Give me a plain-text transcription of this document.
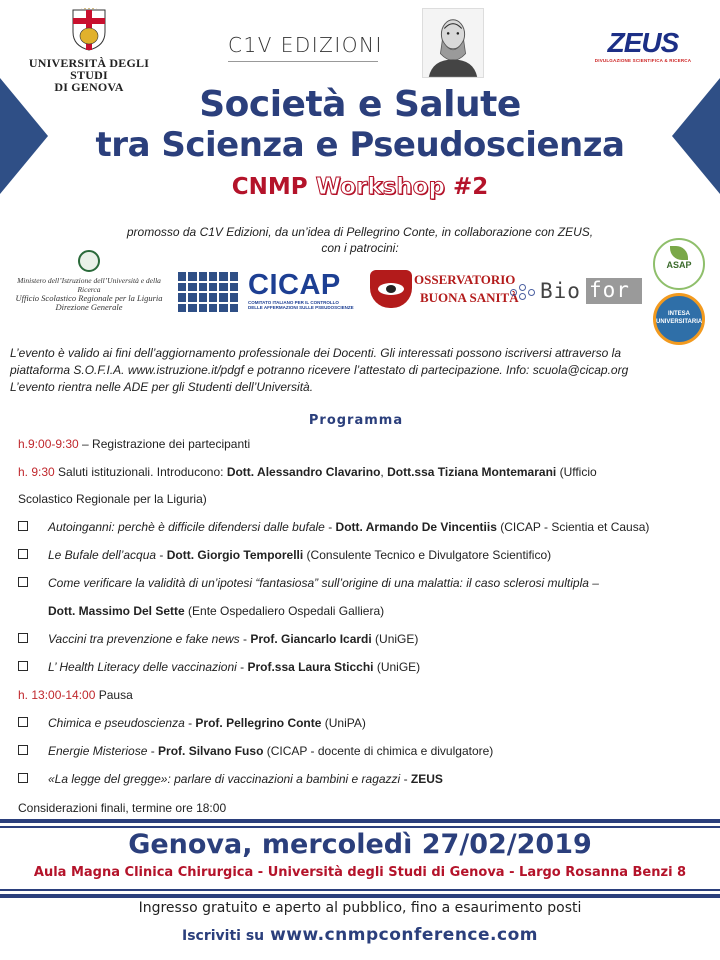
UNIVERSITÀ DEGLI STUDI
DI GENOVA
C1V EDIZIONI	ZEUS
DIVULGAZIONE SCIENTIFICA & RICERCA
Società e Salute
tra Scienza e Pseudoscienza
CNMP Workshop #2
promosso da C1V Edizioni, da un’idea di Pellegrino Conte, in collaborazione con ZEUS,
con i patrocini:
Ministero dell’Istruzione dell’Università e della Ricerca
Ufficio Scolastico Regionale per la Liguria
Direzione Generale
CICAP
COMITATO ITALIANO PER IL CONTROLLO
DELLE AFFERMAZIONI SULLE PSEUDOSCIENZE
OSSERVATORIO
BUONA SANITÀ Bio for
ASAP
INTESA
UNIVERSITARIA
L’evento è valido ai fini dell’aggiornamento professionale dei Docenti. Gli interessati possono iscriversi attraverso la
piattaforma S.O.F.I.A. www.istruzione.it/pdgf e potranno ricevere l’attestato di partecipazione. Info: scuola@cicap.org
L’evento rientra nelle ADE per gli Studenti dell’Università.
Programma
h.9:00-9:30 – Registrazione dei partecipanti
h. 9:30 Saluti istituzionali. Introducono: Dott. Alessandro Clavarino, Dott.ssa Tiziana Montemarani (Ufficio
Scolastico Regionale per la Liguria)
Autoinganni: perchè è difficile difendersi dalle bufale - Dott. Armando De Vincentiis (CICAP - Scientia et Causa)
Le Bufale dell’acqua - Dott. Giorgio Temporelli (Consulente Tecnico e Divulgatore Scientifico)
Come verificare la validità di un’ipotesi “fantasiosa” sull’origine di una malattia: il caso sclerosi multipla –
Dott. Massimo Del Sette (Ente Ospedaliero Ospedali Galliera)
Vaccini tra prevenzione e fake news - Prof. Giancarlo Icardi (UniGE)
L’ Health Literacy delle vaccinazioni - Prof.ssa Laura Sticchi (UniGE)
h. 13:00-14:00 Pausa
Chimica e pseudoscienza - Prof. Pellegrino Conte (UniPA)
Energie Misteriose - Prof. Silvano Fuso (CICAP - docente di chimica e divulgatore)
«La legge del gregge»: parlare di vaccinazioni a bambini e ragazzi - ZEUS
Considerazioni finali, termine ore 18:00
Genova, mercoledì 27/02/2019
Aula Magna Clinica Chirurgica - Università degli Studi di Genova - Largo Rosanna Benzi 8
Ingresso gratuito e aperto al pubblico, fino a esaurimento posti
Iscriviti su www.cnmpconference.com
